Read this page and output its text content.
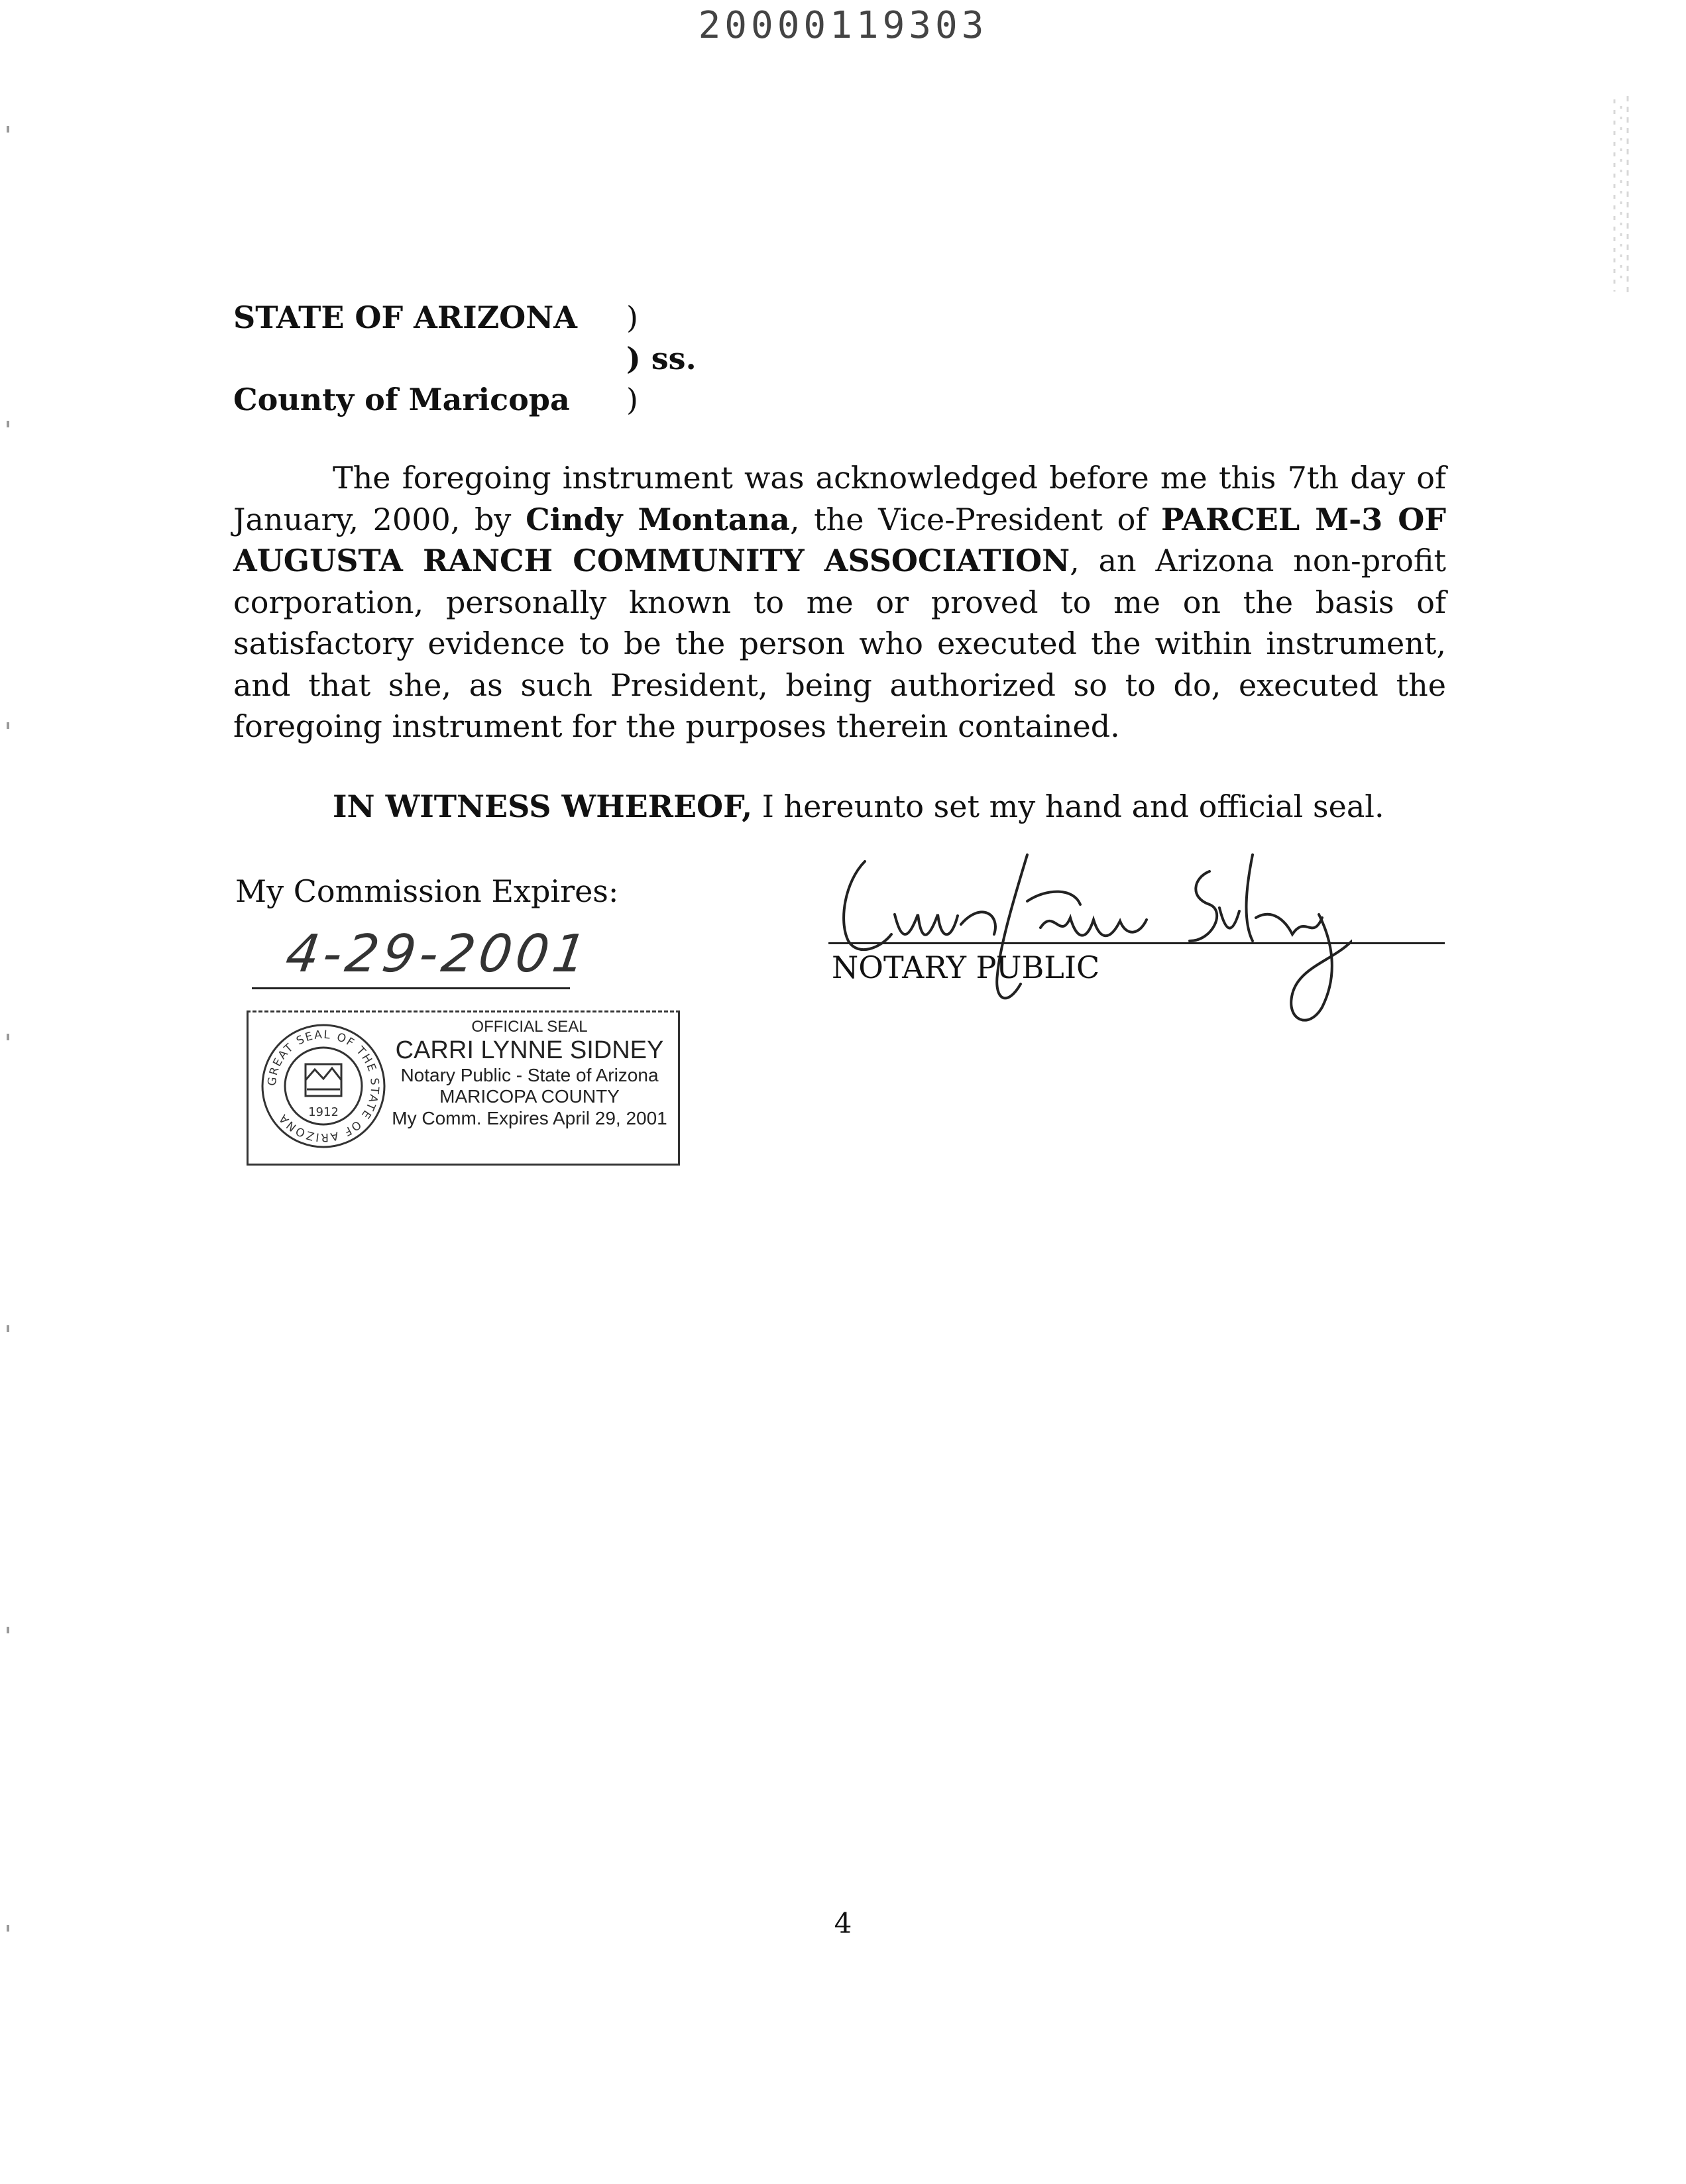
20000119303
STATE OF ARIZONA )
) ss.
County of Maricopa )
The foregoing instrument was acknowledged before me this 7th day of January, 2000, by Cindy Montana, the Vice-President of PARCEL M-3 OF AUGUSTA RANCH COMMUNITY ASSOCIATION, an Arizona non-profit corporation, personally known to me or proved to me on the basis of satisfactory evidence to be the person who executed the within instrument, and that she, as such President, being authorized so to do, executed the foregoing instrument for the purposes therein contained.
IN WITNESS WHEREOF, I hereunto set my hand and official seal.
My Commission Expires:
4-29-2001	NOTARY PUBLIC
GREAT SEAL OF THE STATE OF ARIZONA	1912
OFFICIAL SEAL
CARRI LYNNE SIDNEY
Notary Public - State of Arizona
MARICOPA COUNTY
My Comm. Expires April 29, 2001
4
